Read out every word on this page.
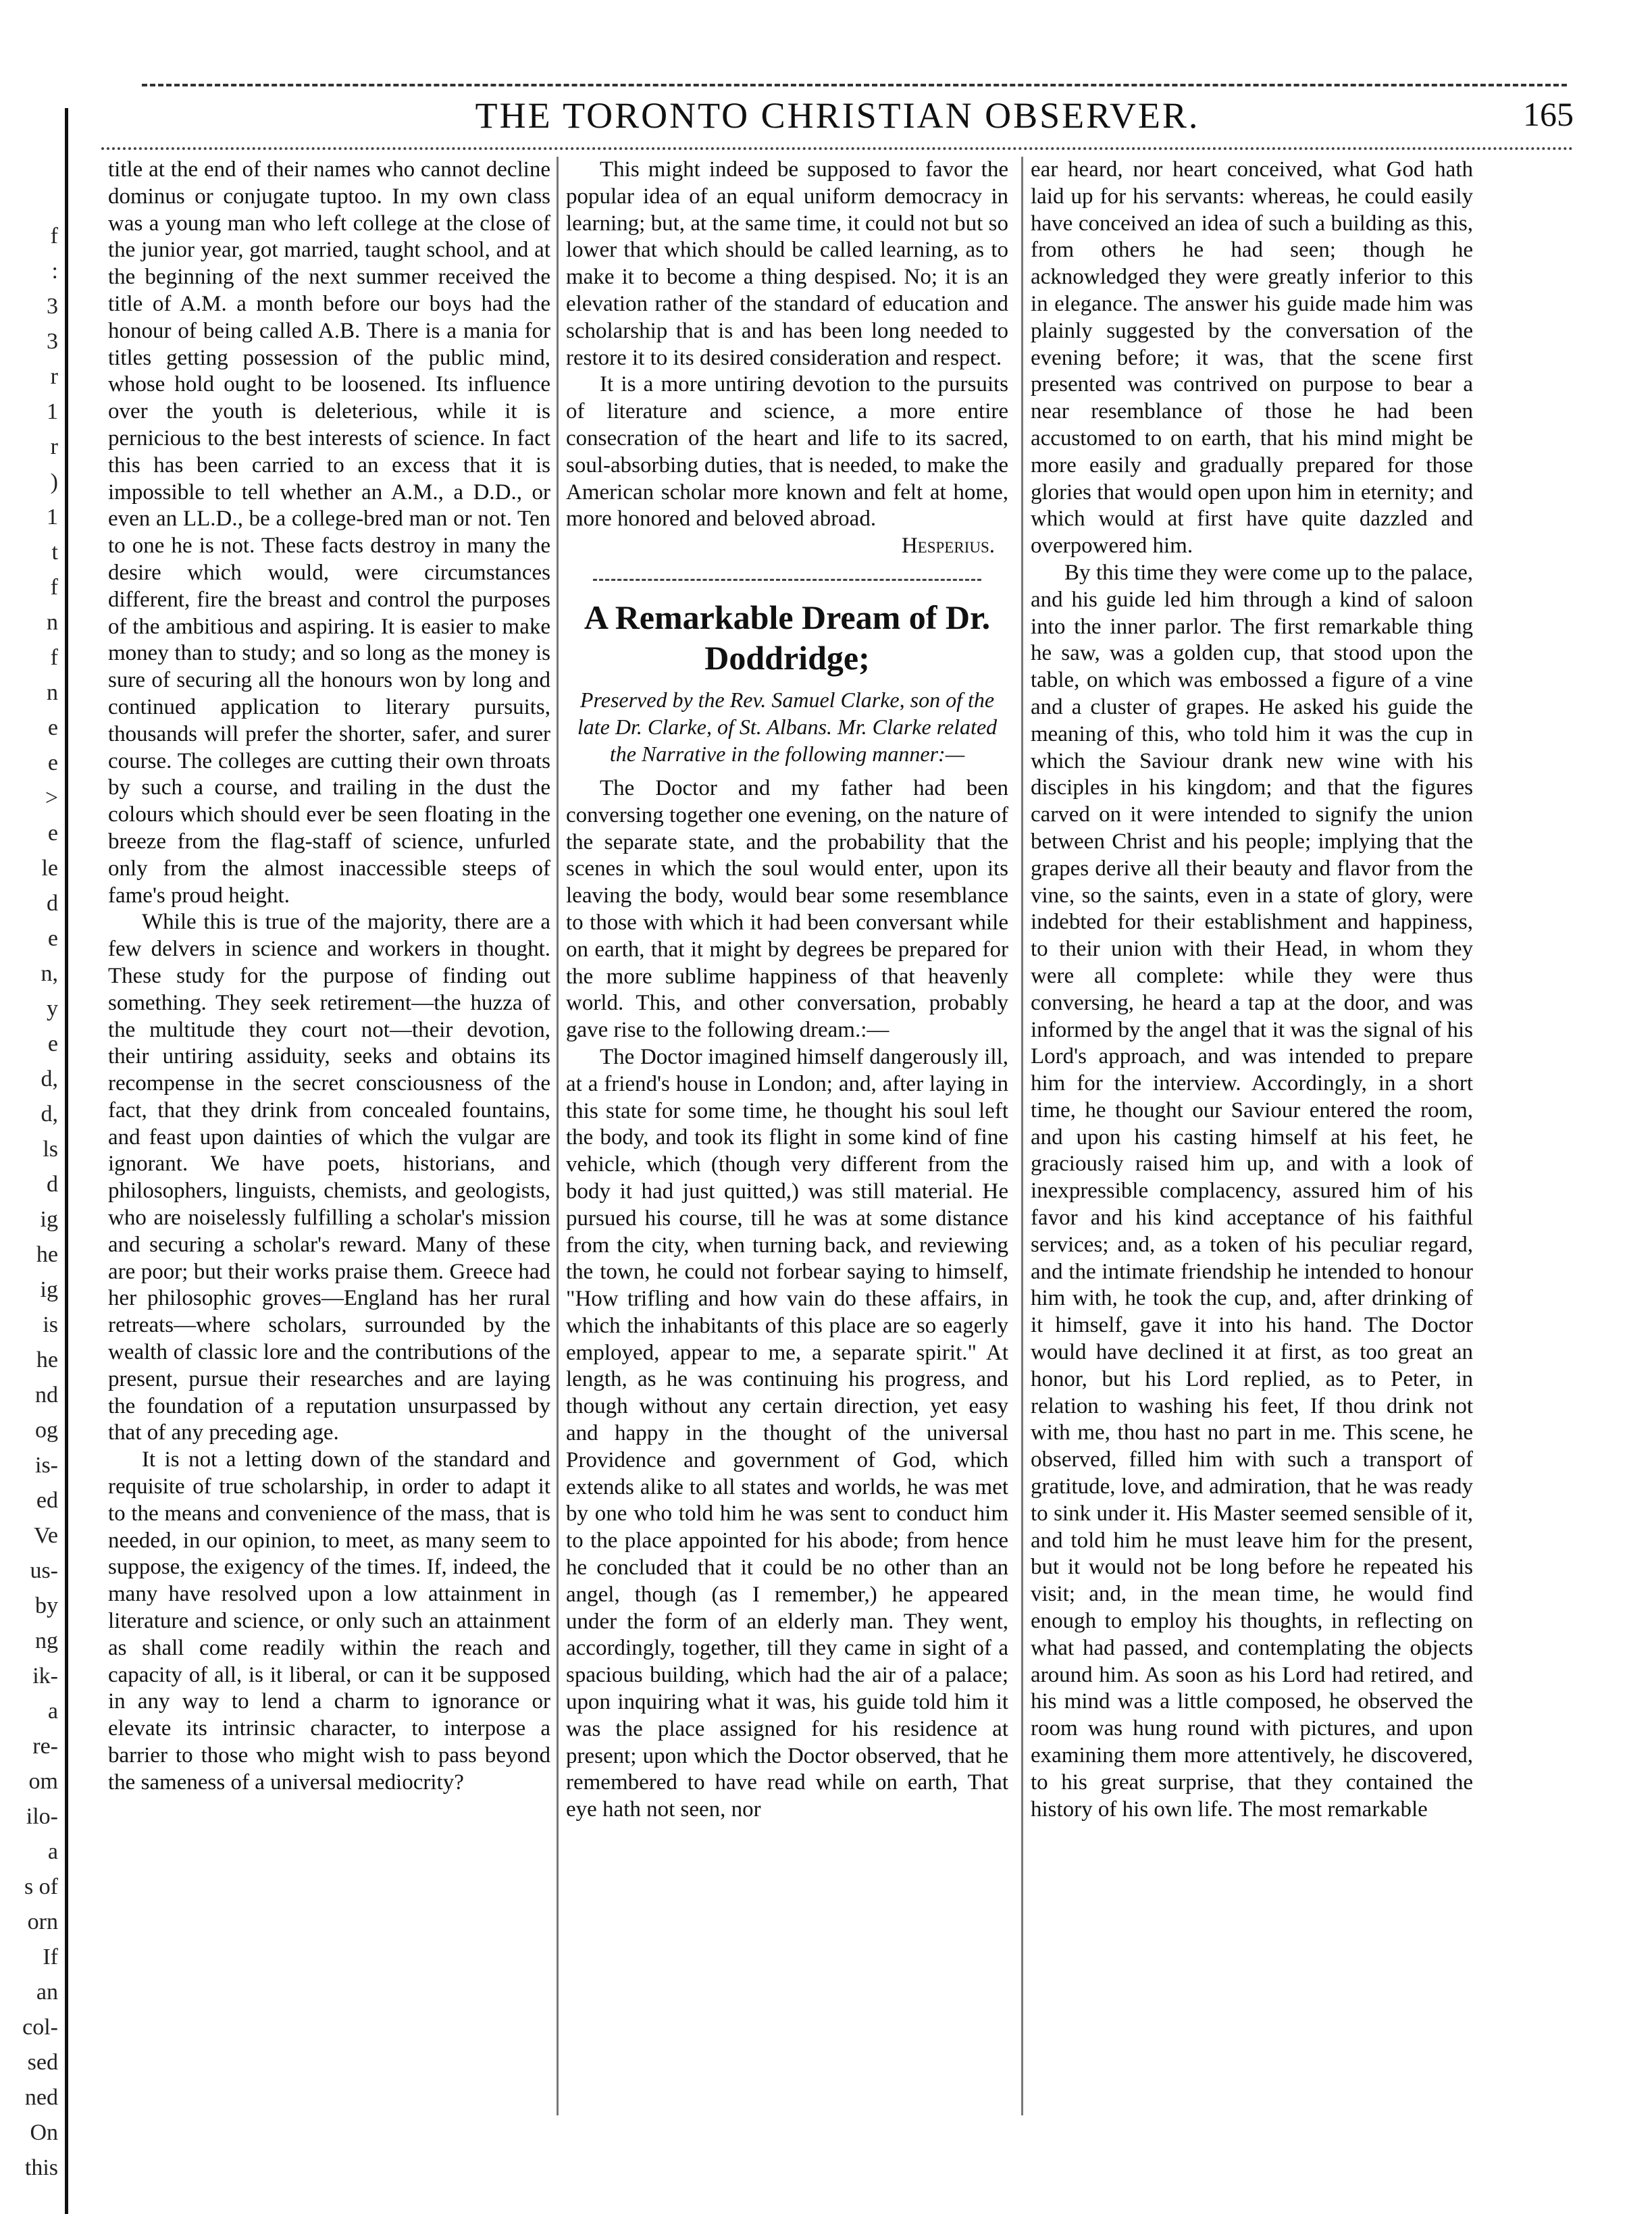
f
:
3
3
r
1
r
)
1
t
f
n
f
n
e
e
>
e
le
d
e
n,
y
e
d,
d,
ls
d
ig
he
ig
is
he
nd
og
is-
ed
Ve
us-
by
ng
ik-
a
re-
om
ilo-
a
s of
orn
If
an
col-
sed
ned
On
this
THE TORONTO CHRISTIAN OBSERVER.	165

title at the end of their names who cannot decline dominus or conjugate tuptoo. In my own class was a young man who left college at the close of the junior year, got married, taught school, and at the beginning of the next summer received the title of A.M. a month before our boys had the honour of being called A.B. There is a mania for titles getting possession of the public mind, whose hold ought to be loosened. Its influence over the youth is deleterious, while it is pernicious to the best interests of science. In fact this has been carried to an excess that it is impossible to tell whether an A.M., a D.D., or even an LL.D., be a college-bred man or not. Ten to one he is not. These facts destroy in many the desire which would, were circumstances different, fire the breast and control the purposes of the ambitious and aspiring. It is easier to make money than to study; and so long as the money is sure of securing all the honours won by long and continued application to literary pursuits, thousands will prefer the shorter, safer, and surer course. The colleges are cutting their own throats by such a course, and trailing in the dust the colours which should ever be seen floating in the breeze from the flag-staff of science, unfurled only from the almost inaccessible steeps of fame's proud height.

While this is true of the majority, there are a few delvers in science and workers in thought. These study for the purpose of finding out something. They seek retirement—the huzza of the multitude they court not—their devotion, their untiring assiduity, seeks and obtains its recompense in the secret consciousness of the fact, that they drink from concealed fountains, and feast upon dainties of which the vulgar are ignorant. We have poets, historians, and philosophers, linguists, chemists, and geologists, who are noiselessly fulfilling a scholar's mission and securing a scholar's reward. Many of these are poor; but their works praise them. Greece had her philosophic groves—England has her rural retreats—where scholars, surrounded by the wealth of classic lore and the contributions of the present, pursue their researches and are laying the foundation of a reputation unsurpassed by that of any preceding age.

It is not a letting down of the standard and requisite of true scholarship, in order to adapt it to the means and convenience of the mass, that is needed, in our opinion, to meet, as many seem to suppose, the exigency of the times. If, indeed, the many have resolved upon a low attainment in literature and science, or only such an attainment as shall come readily within the reach and capacity of all, is it liberal, or can it be supposed in any way to lend a charm to ignorance or elevate its intrinsic character, to interpose a barrier to those who might wish to pass beyond the sameness of a universal mediocrity?

This might indeed be supposed to favor the popular idea of an equal uniform democracy in learning; but, at the same time, it could not but so lower that which should be called learning, as to make it to become a thing despised. No; it is an elevation rather of the standard of education and scholarship that is and has been long needed to restore it to its desired consideration and respect.

It is a more untiring devotion to the pursuits of literature and science, a more entire consecration of the heart and life to its sacred, soul-absorbing duties, that is needed, to make the American scholar more known and felt at home, more honored and beloved abroad.

Hesperius.
A Remarkable Dream of Dr. Doddridge;
Preserved by the Rev. Samuel Clarke, son of the late Dr. Clarke, of St. Albans. Mr. Clarke related the Narrative in the following manner:—

The Doctor and my father had been conversing together one evening, on the nature of the separate state, and the probability that the scenes in which the soul would enter, upon its leaving the body, would bear some resemblance to those with which it had been conversant while on earth, that it might by degrees be prepared for the more sublime happiness of that heavenly world. This, and other conversation, probably gave rise to the following dream.:—

The Doctor imagined himself dangerously ill, at a friend's house in London; and, after laying in this state for some time, he thought his soul left the body, and took its flight in some kind of fine vehicle, which (though very different from the body it had just quitted,) was still material. He pursued his course, till he was at some distance from the city, when turning back, and reviewing the town, he could not forbear saying to himself, "How trifling and how vain do these affairs, in which the inhabitants of this place are so eagerly employed, appear to me, a separate spirit." At length, as he was continuing his progress, and though without any certain direction, yet easy and happy in the thought of the universal Providence and government of God, which extends alike to all states and worlds, he was met by one who told him he was sent to conduct him to the place appointed for his abode; from hence he concluded that it could be no other than an angel, though (as I remember,) he appeared under the form of an elderly man. They went, accordingly, together, till they came in sight of a spacious building, which had the air of a palace; upon inquiring what it was, his guide told him it was the place assigned for his residence at present; upon which the Doctor observed, that he remembered to have read while on earth, That eye hath not seen, nor

ear heard, nor heart conceived, what God hath laid up for his servants: whereas, he could easily have conceived an idea of such a building as this, from others he had seen; though he acknowledged they were greatly inferior to this in elegance. The answer his guide made him was plainly suggested by the conversation of the evening before; it was, that the scene first presented was contrived on purpose to bear a near resemblance of those he had been accustomed to on earth, that his mind might be more easily and gradually prepared for those glories that would open upon him in eternity; and which would at first have quite dazzled and overpowered him.

By this time they were come up to the palace, and his guide led him through a kind of saloon into the inner parlor. The first remarkable thing he saw, was a golden cup, that stood upon the table, on which was embossed a figure of a vine and a cluster of grapes. He asked his guide the meaning of this, who told him it was the cup in which the Saviour drank new wine with his disciples in his kingdom; and that the figures carved on it were intended to signify the union between Christ and his people; implying that the grapes derive all their beauty and flavor from the vine, so the saints, even in a state of glory, were indebted for their establishment and happiness, to their union with their Head, in whom they were all complete: while they were thus conversing, he heard a tap at the door, and was informed by the angel that it was the signal of his Lord's approach, and was intended to prepare him for the interview. Accordingly, in a short time, he thought our Saviour entered the room, and upon his casting himself at his feet, he graciously raised him up, and with a look of inexpressible complacency, assured him of his favor and his kind acceptance of his faithful services; and, as a token of his peculiar regard, and the intimate friendship he intended to honour him with, he took the cup, and, after drinking of it himself, gave it into his hand. The Doctor would have declined it at first, as too great an honor, but his Lord replied, as to Peter, in relation to washing his feet, If thou drink not with me, thou hast no part in me. This scene, he observed, filled him with such a transport of gratitude, love, and admiration, that he was ready to sink under it. His Master seemed sensible of it, and told him he must leave him for the present, but it would not be long before he repeated his visit; and, in the mean time, he would find enough to employ his thoughts, in reflecting on what had passed, and contemplating the objects around him. As soon as his Lord had retired, and his mind was a little composed, he observed the room was hung round with pictures, and upon examining them more attentively, he discovered, to his great surprise, that they contained the history of his own life. The most remarkable
